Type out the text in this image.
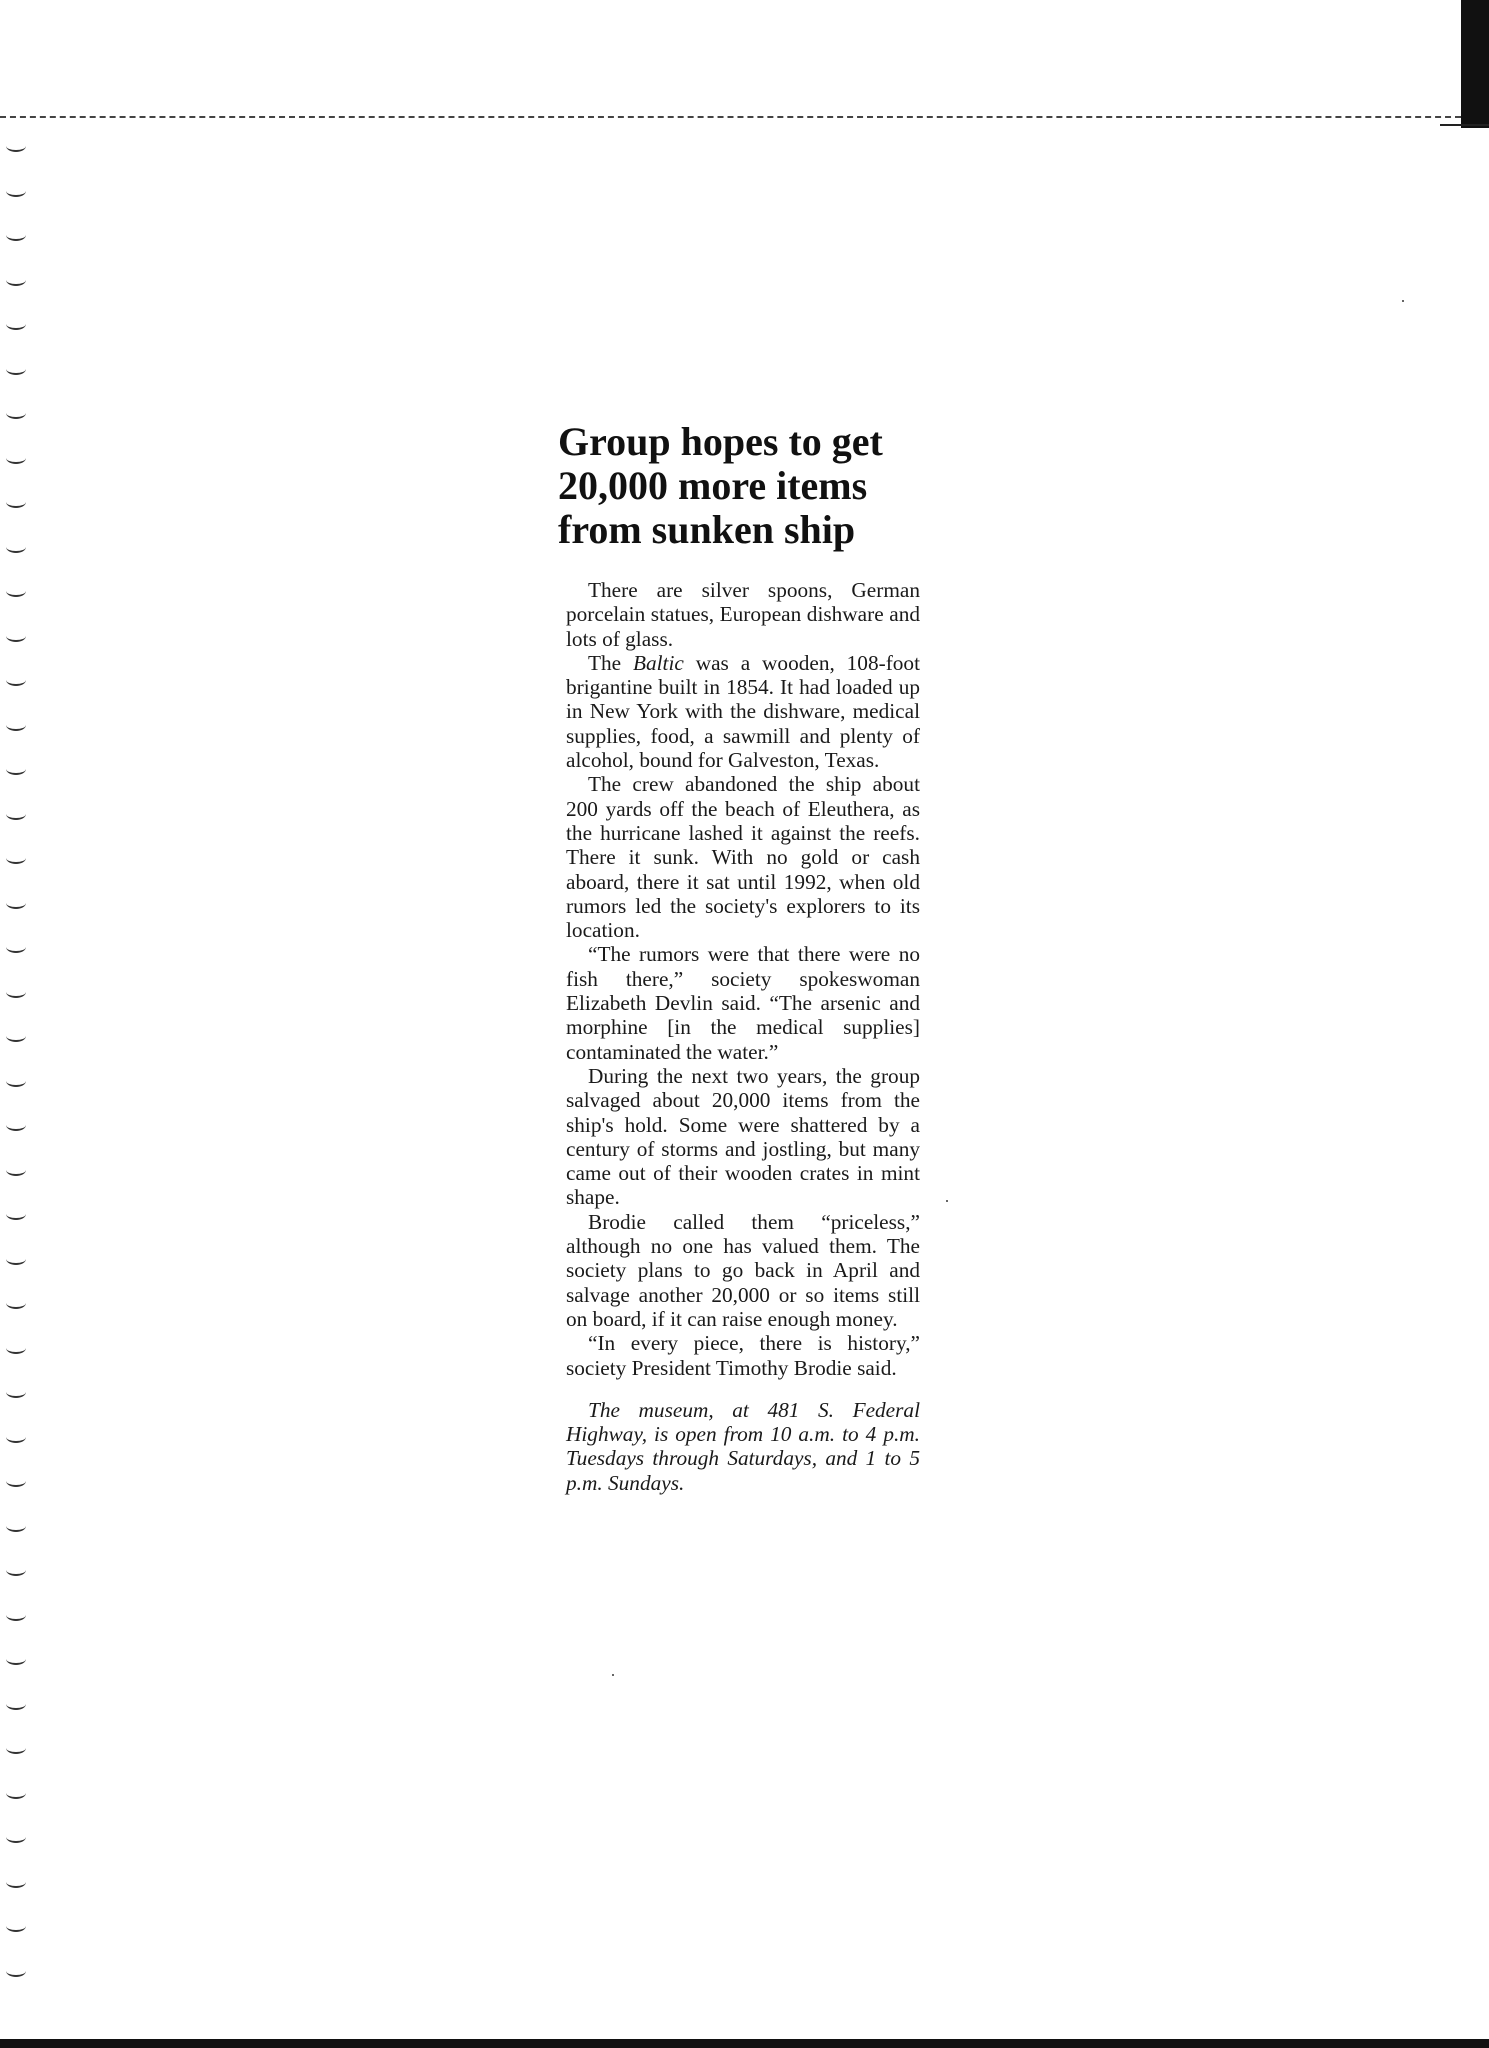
Group hopes to get
20,000 more items
from sunken ship

There are silver spoons, German porcelain statues, European dishware and lots of glass.

The Baltic was a wooden, 108-foot brigantine built in 1854. It had loaded up in New York with the dishware, medical supplies, food, a sawmill and plenty of alcohol, bound for Galveston, Texas.

The crew abandoned the ship about 200 yards off the beach of Eleuthera, as the hurricane lashed it against the reefs. There it sunk. With no gold or cash aboard, there it sat until 1992, when old rumors led the society's explorers to its location.

“The rumors were that there were no fish there,” society spokeswoman Elizabeth Devlin said. “The arsenic and morphine [in the medical supplies] contaminated the water.”

During the next two years, the group salvaged about 20,000 items from the ship's hold. Some were shattered by a century of storms and jostling, but many came out of their wooden crates in mint shape.

Brodie called them “priceless,” although no one has valued them. The society plans to go back in April and salvage another 20,000 or so items still on board, if it can raise enough money.

“In every piece, there is history,” society President Timothy Brodie said.

The museum, at 481 S. Federal Highway, is open from 10 a.m. to 4 p.m. Tuesdays through Saturdays, and 1 to 5 p.m. Sundays.
